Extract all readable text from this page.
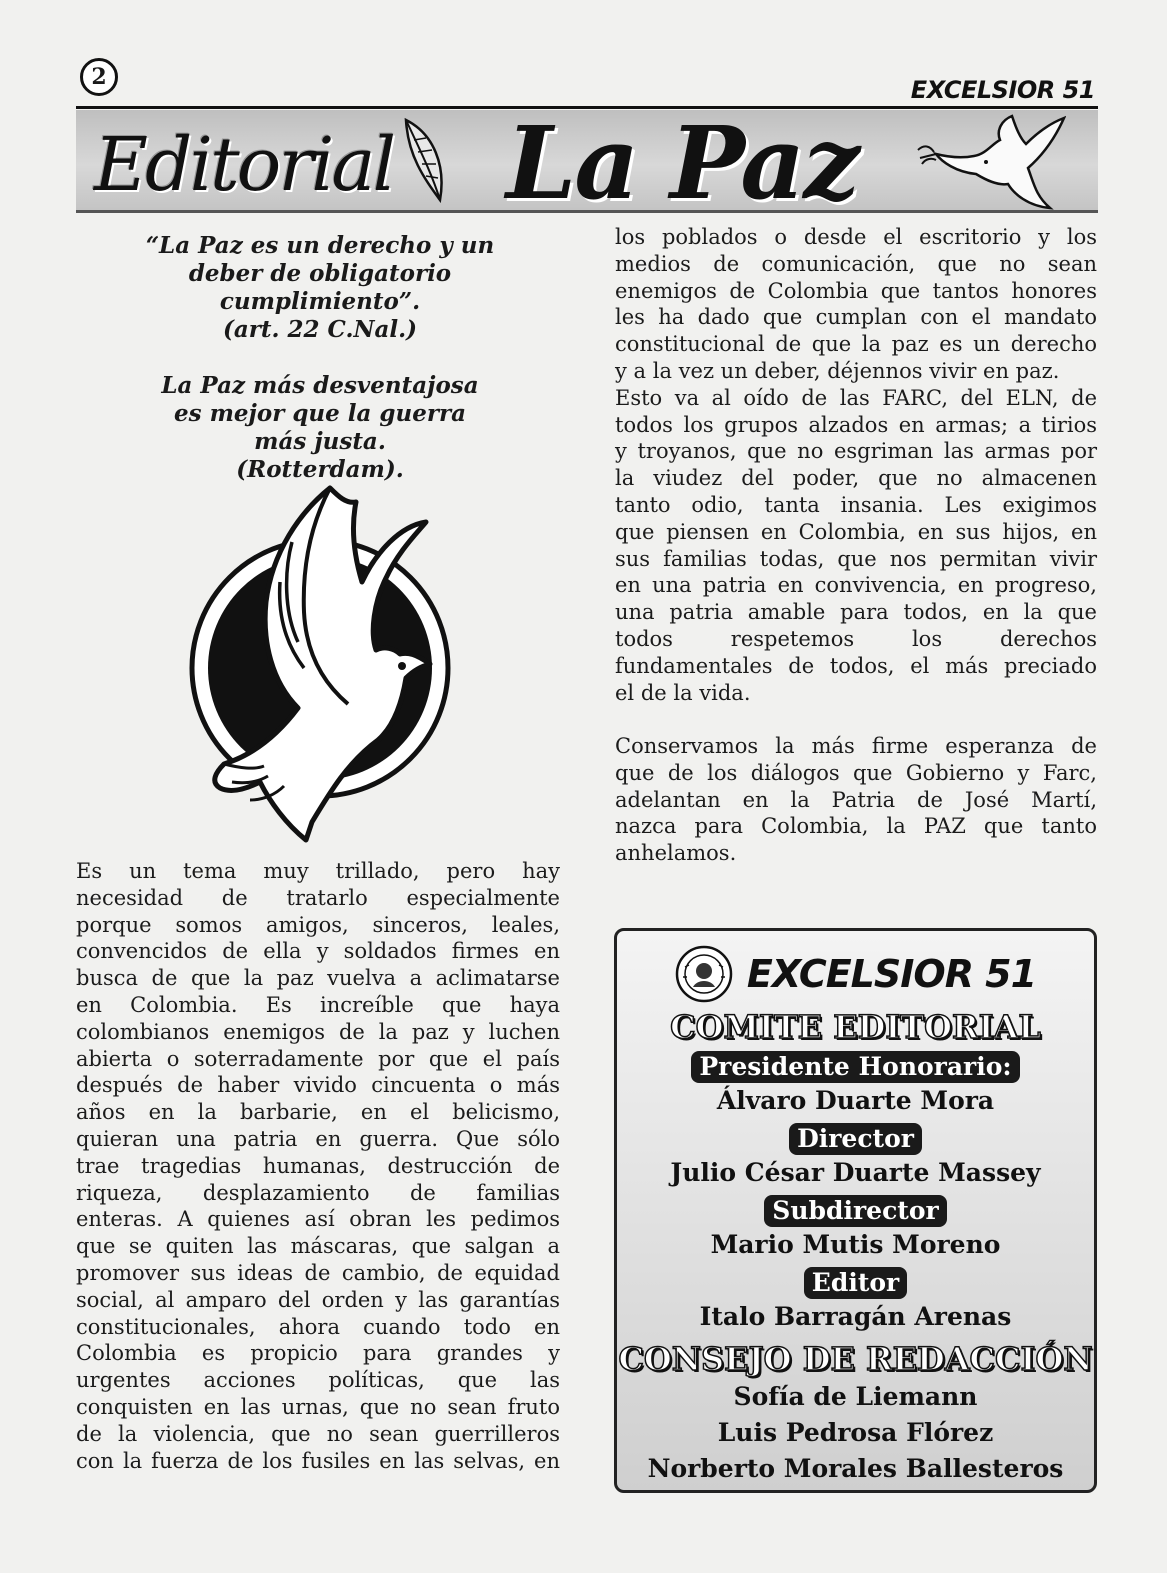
2	EXCELSIOR 51
Editorial La Paz
“La Paz es un derecho y un
deber de obligatorio
cumplimiento”.
(art. 22 C.Nal.)
La Paz más desventajosa
es mejor que la guerra
más justa.
(Rotterdam).
Es un tema muy trillado, pero hay
necesidad de tratarlo especialmente
porque somos amigos, sinceros, leales,
convencidos de ella y soldados firmes en
busca de que la paz vuelva a aclimatarse
en Colombia. Es increíble que haya
colombianos enemigos de la paz y luchen
abierta o soterradamente por que el país
después de haber vivido cincuenta o más
años en la barbarie, en el belicismo,
quieran una patria en guerra. Que sólo
trae tragedias humanas, destrucción de
riqueza, desplazamiento de familias
enteras. A quienes así obran les pedimos
que se quiten las máscaras, que salgan a
promover sus ideas de cambio, de equidad
social, al amparo del orden y las garantías
constitucionales, ahora cuando todo en
Colombia es propicio para grandes y
urgentes acciones políticas, que las
conquisten en las urnas, que no sean fruto
de la violencia, que no sean guerrilleros
con la fuerza de los fusiles en las selvas, en
los poblados o desde el escritorio y los
medios de comunicación, que no sean
enemigos de Colombia que tantos honores
les ha dado que cumplan con el mandato
constitucional de que la paz es un derecho
y a la vez un deber, déjennos vivir en paz.
Esto va al oído de las FARC, del ELN, de
todos los grupos alzados en armas; a tirios
y troyanos, que no esgriman las armas por
la viudez del poder, que no almacenen
tanto odio, tanta insania. Les exigimos
que piensen en Colombia, en sus hijos, en
sus familias todas, que nos permitan vivir
en una patria en convivencia, en progreso,
una patria amable para todos, en la que
todos respetemos los derechos
fundamentales de todos, el más preciado
el de la vida.
Conservamos la más firme esperanza de
que de los diálogos que Gobierno y Farc,
adelantan en la Patria de José Martí,
nazca para Colombia, la PAZ que tanto
anhelamos.
EXCELSIOR 51
COMITE EDITORIAL
Presidente Honorario:
Álvaro Duarte Mora
Director
Julio César Duarte Massey
Subdirector
Mario Mutis Moreno
Editor
Italo Barragán Arenas
CONSEJO DE REDACCIÓN
Sofía de Liemann
Luis Pedrosa Flórez
Norberto Morales Ballesteros
